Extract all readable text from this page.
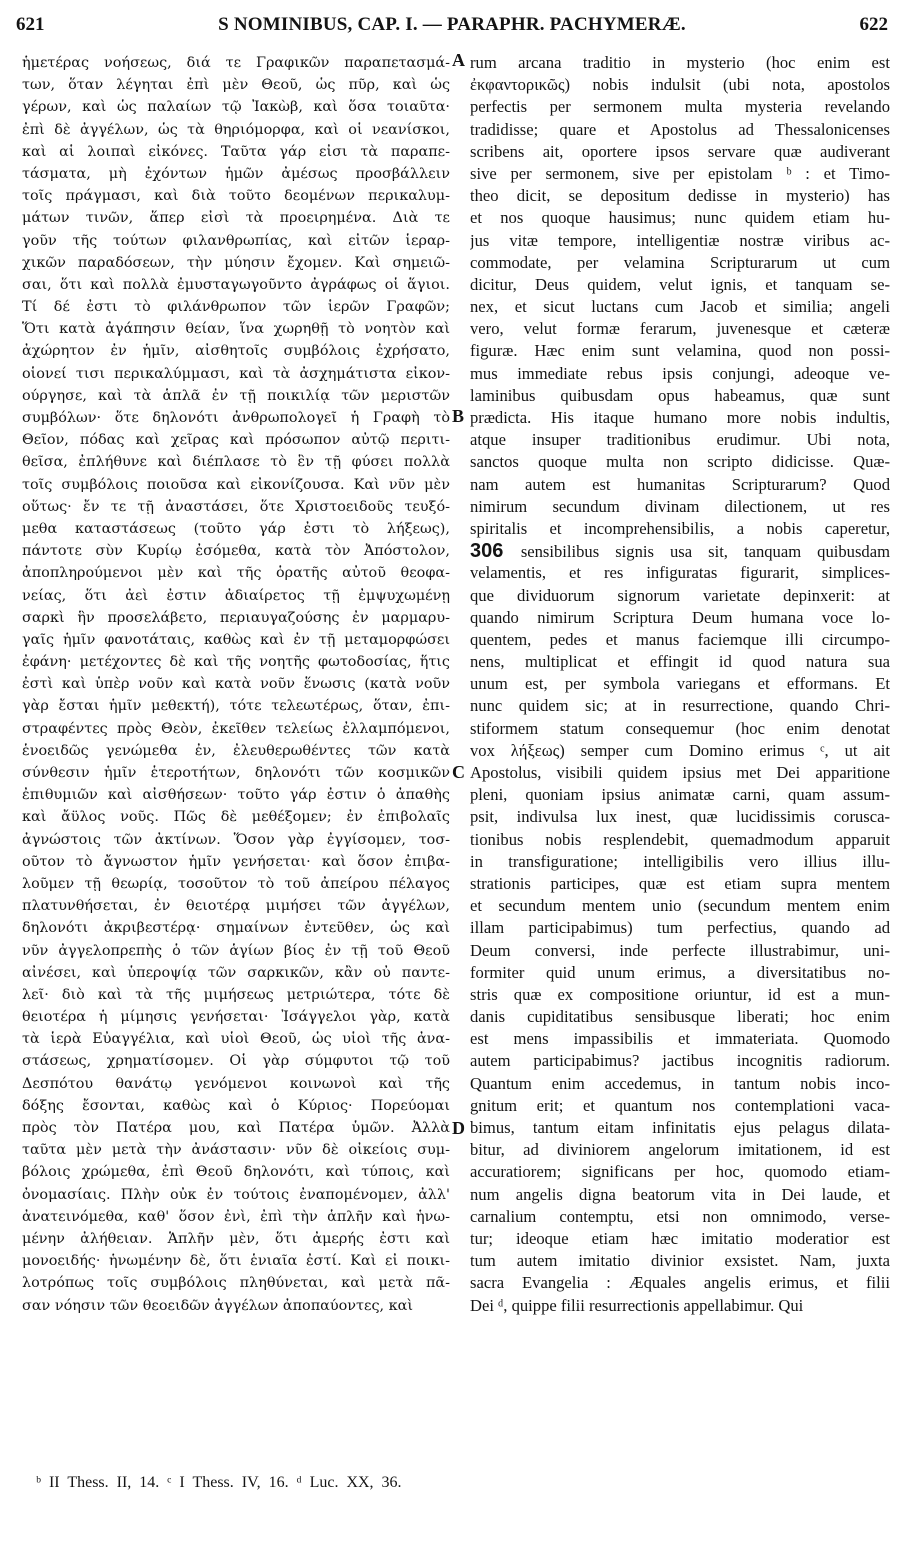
621	S NOMINIBUS, CAP. I. — PARAPHR. PACHYMERÆ.	622
ἡμετέρας νοήσεως, διά τε Γραφικῶν παραπετασμά-
των, ὅταν λέγηται ἐπὶ μὲν Θεοῦ, ὡς πῦρ, καὶ ὡς
γέρων, καὶ ὡς παλαίων τῷ Ἰακὼβ, καὶ ὅσα τοιαῦτα·
ἐπὶ δὲ ἀγγέλων, ὡς τὰ θηριόμορφα, καὶ οἱ νεανίσκοι,
καὶ αἱ λοιπαὶ εἰκόνες. Ταῦτα γάρ εἰσι τὰ παραπε-
τάσματα, μὴ ἐχόντων ἡμῶν ἀμέσως προσβάλλειν
τοῖς πράγμασι, καὶ διὰ τοῦτο δεομένων περικαλυμ-
μάτων τινῶν, ἅπερ εἰσὶ τὰ προειρημένα. Διὰ τε
γοῦν τῆς τούτων φιλανθρωπίας, καὶ εἰτῶν ἱεραρ-
χικῶν παραδόσεων, τὴν μύησιν ἔχομεν. Καὶ σημειῶ-
σαι, ὅτι καὶ πολλὰ ἐμυσταγωγοῦντο ἀγράφως οἱ ἅγιοι.
Τί δέ ἐστι τὸ φιλάνθρωπον τῶν ἱερῶν Γραφῶν;
Ὅτι κατὰ ἀγάπησιν θείαν, ἵνα χωρηθῇ τὸ νοητὸν καὶ
ἀχώρητον ἐν ἡμῖν, αἰσθητοῖς συμβόλοις ἐχρήσατο,
οἱονεί τισι περικαλύμμασι, καὶ τὰ ἀσχημάτιστα εἰκον-
ούργησε, καὶ τὰ ἁπλᾶ ἐν τῇ ποικιλίᾳ τῶν μεριστῶν
συμβόλων· ὅτε δηλονότι ἀνθρωπολογεῖ ἡ Γραφὴ τὸ
Θεῖον, πόδας καὶ χεῖρας καὶ πρόσωπον αὐτῷ περιτι-
θεῖσα, ἐπλήθυνε καὶ διέπλασε τὸ ἓν τῇ φύσει πολλὰ
τοῖς συμβόλοις ποιοῦσα καὶ εἰκονίζουσα. Καὶ νῦν μὲν
οὕτως· ἔν τε τῇ ἀναστάσει, ὅτε Χριστοειδοῦς τευξό-
μεθα καταστάσεως (τοῦτο γάρ ἐστι τὸ λήξεως),
πάντοτε σὺν Κυρίῳ ἐσόμεθα, κατὰ τὸν Ἀπόστολον,
ἀποπληρούμενοι μὲν καὶ τῆς ὁρατῆς αὐτοῦ θεοφα-
νείας, ὅτι ἀεὶ ἐστιν ἀδιαίρετος τῇ ἐμψυχωμένῃ
σαρκὶ ἣν προσελάβετο, περιαυγαζούσης ἐν μαρμαρυ-
γαῖς ἡμῖν φανοτάταις, καθὼς καὶ ἐν τῇ μεταμορφώσει
ἐφάνη· μετέχοντες δὲ καὶ τῆς νοητῆς φωτοδοσίας, ἥτις
ἐστὶ καὶ ὑπὲρ νοῦν καὶ κατὰ νοῦν ἕνωσις (κατὰ νοῦν
γὰρ ἔσται ἡμῖν μεθεκτή), τότε τελεωτέρως, ὅταν, ἐπι-
στραφέντες πρὸς Θεὸν, ἐκεῖθεν τελείως ἐλλαμπόμενοι,
ἑνοειδῶς γενώμεθα ἐν, ἐλευθερωθέντες τῶν κατὰ
σύνθεσιν ἡμῖν ἑτεροτήτων, δηλονότι τῶν κοσμικῶν
ἐπιθυμιῶν καὶ αἰσθήσεων· τοῦτο γάρ ἐστιν ὁ ἀπαθὴς
καὶ ἄϋλος νοῦς. Πῶς δὲ μεθέξομεν; ἐν ἐπιβολαῖς
ἀγνώστοις τῶν ἀκτίνων. Ὅσον γὰρ ἐγγίσομεν, τοσ-
οῦτον τὸ ἄγνωστον ἡμῖν γενήσεται· καὶ ὅσον ἐπιβα-
λοῦμεν τῇ θεωρίᾳ, τοσοῦτον τὸ τοῦ ἀπείρου πέλαγος
πλατυνθήσεται, ἐν θειοτέρᾳ μιμήσει τῶν ἀγγέλων,
δηλονότι ἀκριβεστέρᾳ· σημαίνων ἐντεῦθεν, ὡς καὶ
νῦν ἀγγελοπρεπὴς ὁ τῶν ἁγίων βίος ἐν τῇ τοῦ Θεοῦ
αἰνέσει, καὶ ὑπεροψίᾳ τῶν σαρκικῶν, κἂν οὐ παντε-
λεῖ· διὸ καὶ τὰ τῆς μιμήσεως μετριώτερα, τότε δὲ
θειοτέρα ἡ μίμησις γενήσεται· Ἰσάγγελοι γὰρ, κατὰ
τὰ ἱερὰ Εὐαγγέλια, καὶ υἱοὶ Θεοῦ, ὡς υἱοὶ τῆς ἀνα-
στάσεως, χρηματίσομεν. Οἱ γὰρ σύμφυτοι τῷ τοῦ
Δεσπότου θανάτῳ γενόμενοι κοινωνοὶ καὶ τῆς
δόξης ἔσονται, καθὼς καὶ ὁ Κύριος· Πορεύομαι
πρὸς τὸν Πατέρα μου, καὶ Πατέρα ὑμῶν. Ἀλλὰ
ταῦτα μὲν μετὰ τὴν ἀνάστασιν· νῦν δὲ οἰκείοις συμ-
βόλοις χρώμεθα, ἐπὶ Θεοῦ δηλονότι, καὶ τύποις, καὶ
ὀνομασίαις. Πλὴν οὐκ ἐν τούτοις ἐναπομένομεν, ἀλλ'
ἀνατεινόμεθα, καθ' ὅσον ἐνὶ, ἐπὶ τὴν ἁπλῆν καὶ ἡνω-
μένην ἀλήθειαν. Ἁπλῆν μὲν, ὅτι ἀμερής ἐστι καὶ
μονοειδής· ἡνωμένην δὲ, ὅτι ἑνιαῖα ἐστί. Καὶ εἰ ποικι-
λοτρόπως τοῖς συμβόλοις πληθύνεται, καὶ μετὰ πᾶ-
σαν νόησιν τῶν θεοειδῶν ἀγγέλων ἀποπαύοντες, καὶ
rum arcana traditio in mysterio (hoc enim est
ἐκφαντορικῶς) nobis indulsit (ubi nota, apostolos
perfectis per sermonem multa mysteria revelando
tradidisse; quare et Apostolus ad Thessalonicenses
scribens ait, oportere ipsos servare quæ audiverant
sive per sermonem, sive per epistolam ᵇ : et Timo-
theo dicit, se depositum dedisse in mysterio) has
et nos quoque hausimus; nunc quidem etiam hu-
jus vitæ tempore, intelligentiæ nostræ viribus ac-
commodate, per velamina Scripturarum ut cum
dicitur, Deus quidem, velut ignis, et tanquam se-
nex, et sicut luctans cum Jacob et similia; angeli
vero, velut formæ ferarum, juvenesque et cæteræ
figuræ. Hæc enim sunt velamina, quod non possi-
mus immediate rebus ipsis conjungi, adeoque ve-
laminibus quibusdam opus habeamus, quæ sunt
prædicta. His itaque humano more nobis indultis,
atque insuper traditionibus erudimur. Ubi nota,
sanctos quoque multa non scripto didicisse. Quæ-
nam autem est humanitas Scripturarum? Quod
nimirum secundum divinam dilectionem, ut res
spiritalis et incomprehensibilis, a nobis caperetur,
306 sensibilibus signis usa sit, tanquam quibusdam
velamentis, et res infiguratas figurarit, simplices-
que dividuorum signorum varietate depinxerit: at
quando nimirum Scriptura Deum humana voce lo-
quentem, pedes et manus faciemque illi circumpo-
nens, multiplicat et effingit id quod natura sua
unum est, per symbola variegans et efformans. Et
nunc quidem sic; at in resurrectione, quando Chri-
stiformem statum consequemur (hoc enim denotat
vox λήξεως) semper cum Domino erimus ᶜ, ut ait
Apostolus, visibili quidem ipsius met Dei apparitione
pleni, quoniam ipsius animatæ carni, quam assum-
psit, indivulsa lux inest, quæ lucidissimis corusca-
tionibus nobis resplendebit, quemadmodum apparuit
in transfiguratione; intelligibilis vero illius illu-
strationis participes, quæ est etiam supra mentem
et secundum mentem unio (secundum mentem enim
illam participabimus) tum perfectius, quando ad
Deum conversi, inde perfecte illustrabimur, uni-
formiter quid unum erimus, a diversitatibus no-
stris quæ ex compositione oriuntur, id est a mun-
danis cupiditatibus sensibusque liberati; hoc enim
est mens impassibilis et immateriata. Quomodo
autem participabimus? jactibus incognitis radiorum.
Quantum enim accedemus, in tantum nobis inco-
gnitum erit; et quantum nos contemplationi vaca-
bimus, tantum eitam infinitatis ejus pelagus dilata-
bitur, ad diviniorem angelorum imitationem, id est
accuratiorem; significans per hoc, quomodo etiam-
num angelis digna beatorum vita in Dei laude, et
carnalium contemptu, etsi non omnimodo, verse-
tur; ideoque etiam hæc imitatio moderatior est
tum autem imitatio divinior exsistet. Nam, juxta
sacra Evangelia : Æquales angelis erimus, et filii
Dei ᵈ, quippe filii resurrectionis appellabimur. Qui
A
B
C
D
ᵇ II Thess. II, 14. ᶜ I Thess. IV, 16. ᵈ Luc. XX, 36.
